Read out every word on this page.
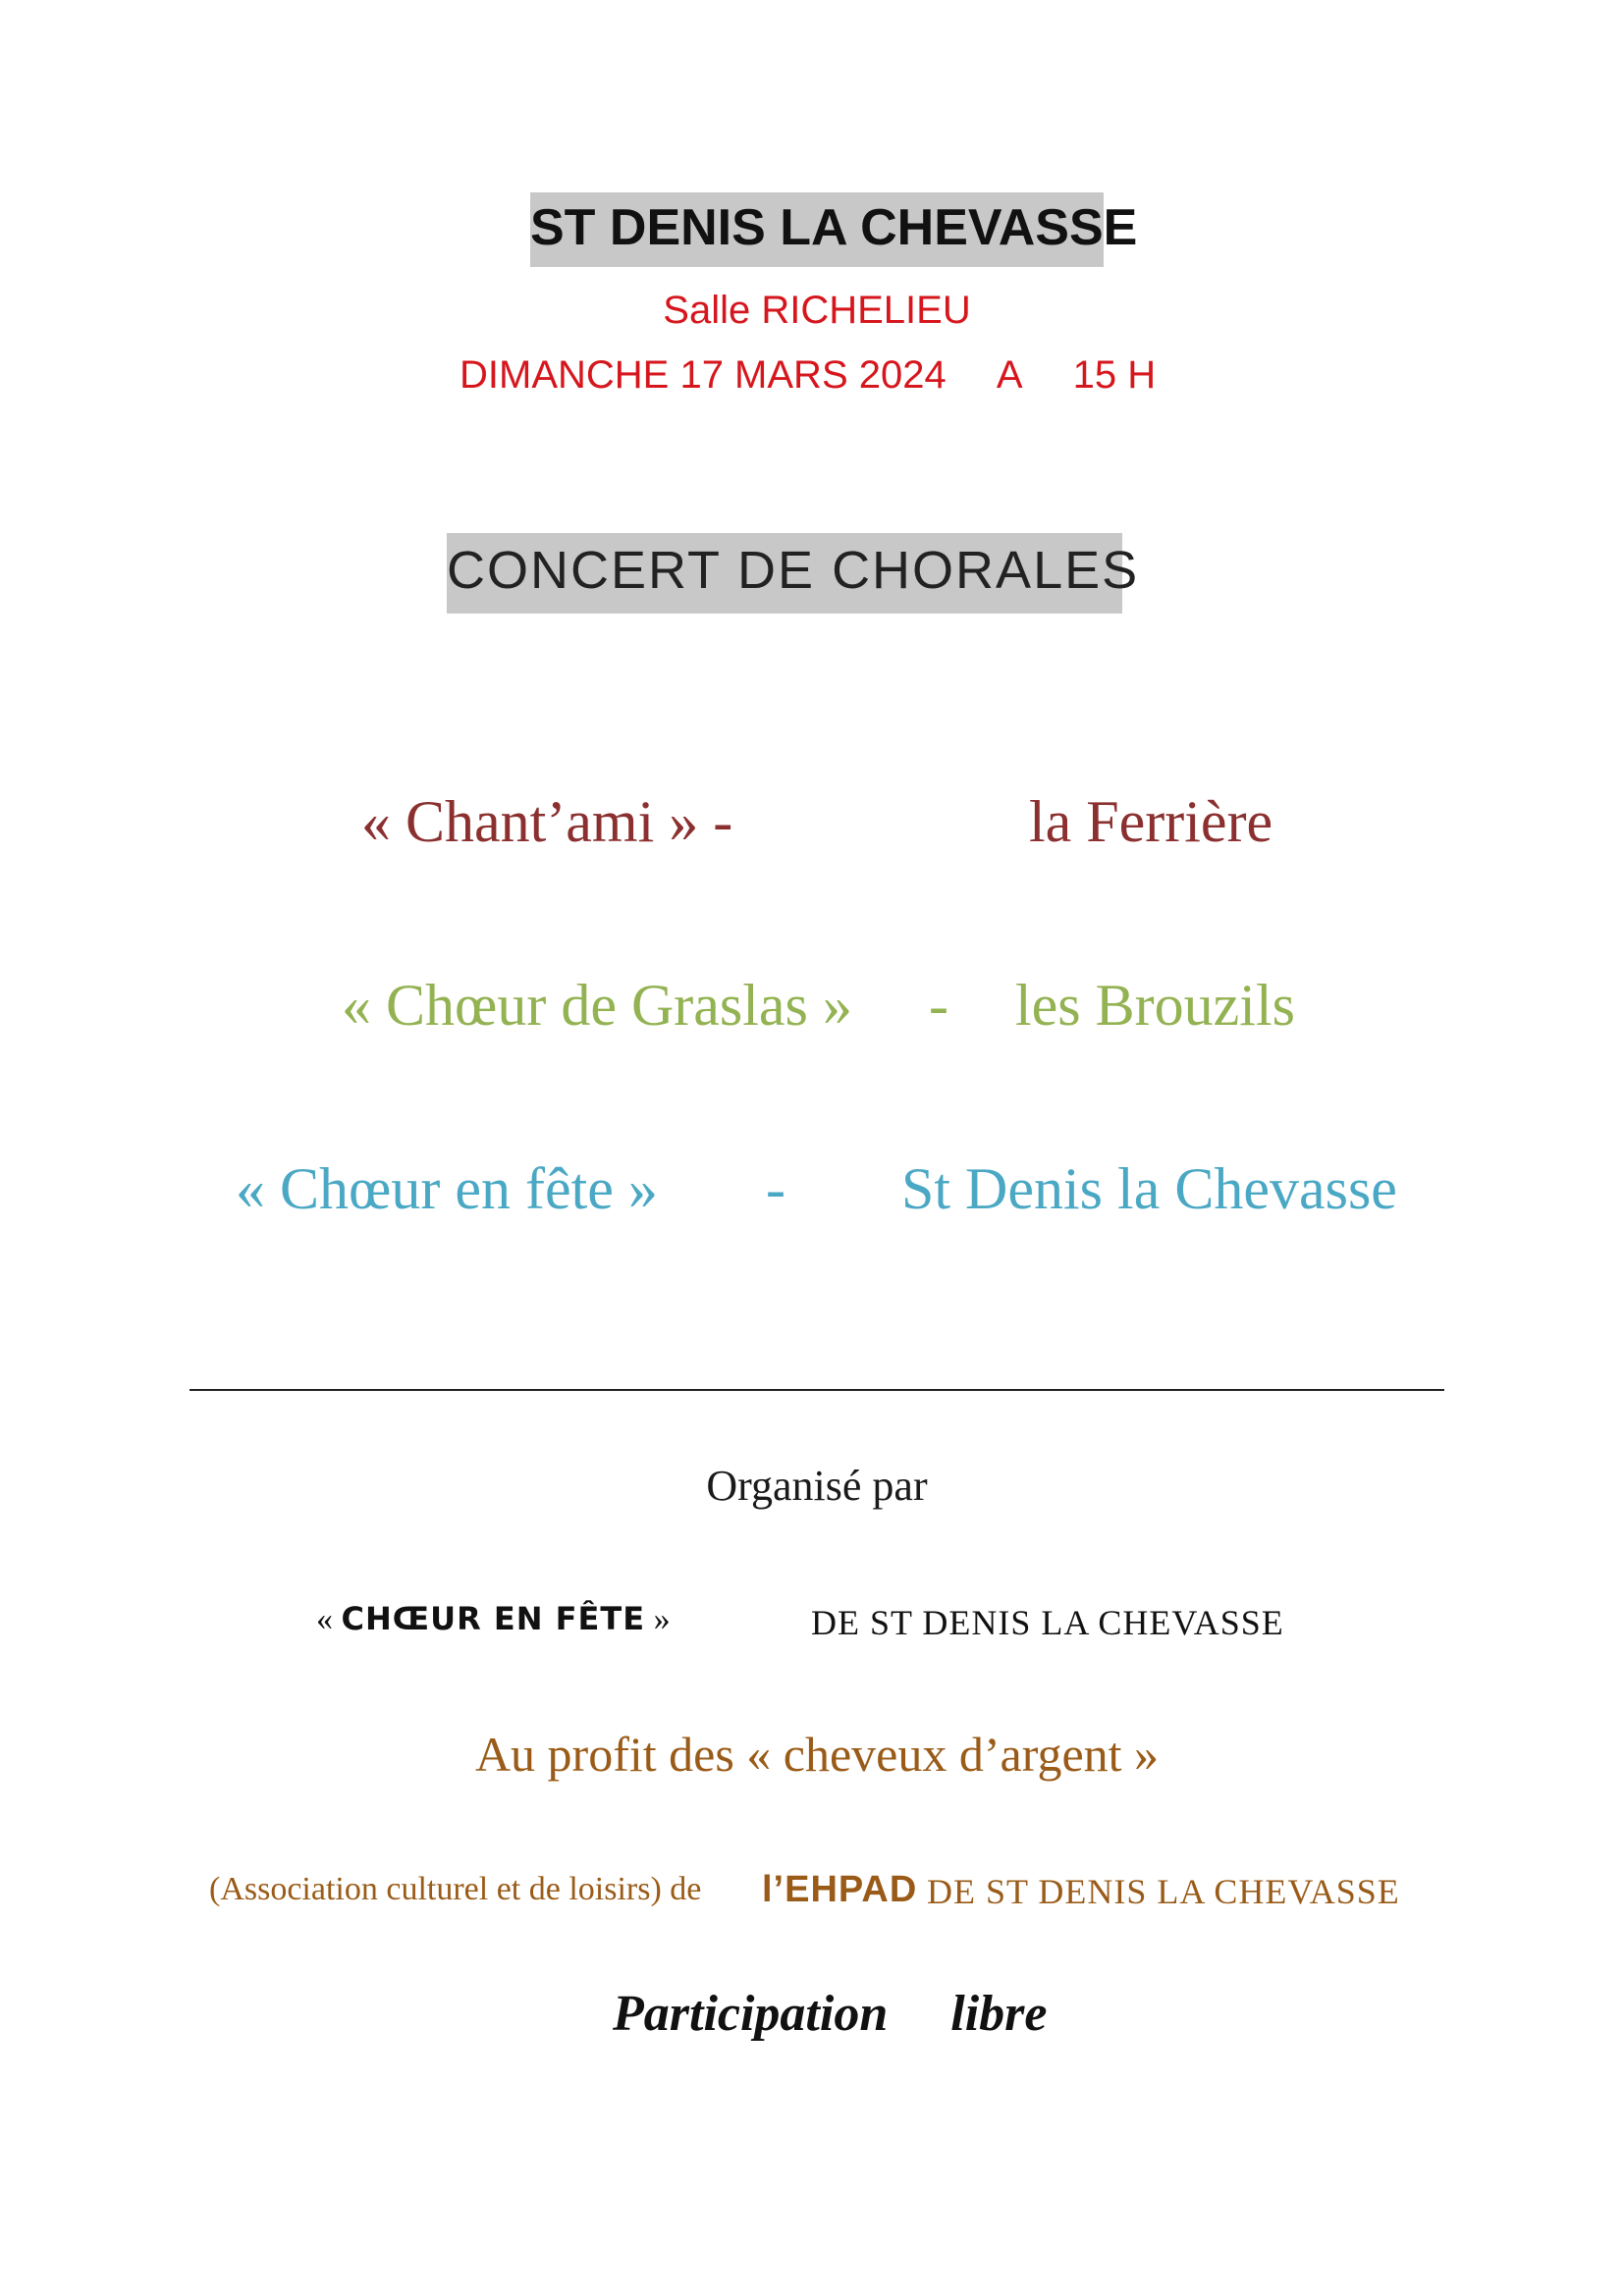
ST DENIS LA CHEVASSE
Salle RICHELIEU
DIMANCHE 17 MARS 2024 A 15 H
CONCERT DE CHORALES
« Chant’ami » -	la Ferrière
« Chœur de Graslas » - les Brouzils
« Chœur en fête » - St Denis la Chevasse
Organisé par
« CHŒUR EN FÊTE »	DE ST DENIS LA CHEVASSE
Au profit des « cheveux d’argent »
(Association culturel et de loisirs) de l’EHPAD DE ST DENIS LA CHEVASSE
Participation libre
